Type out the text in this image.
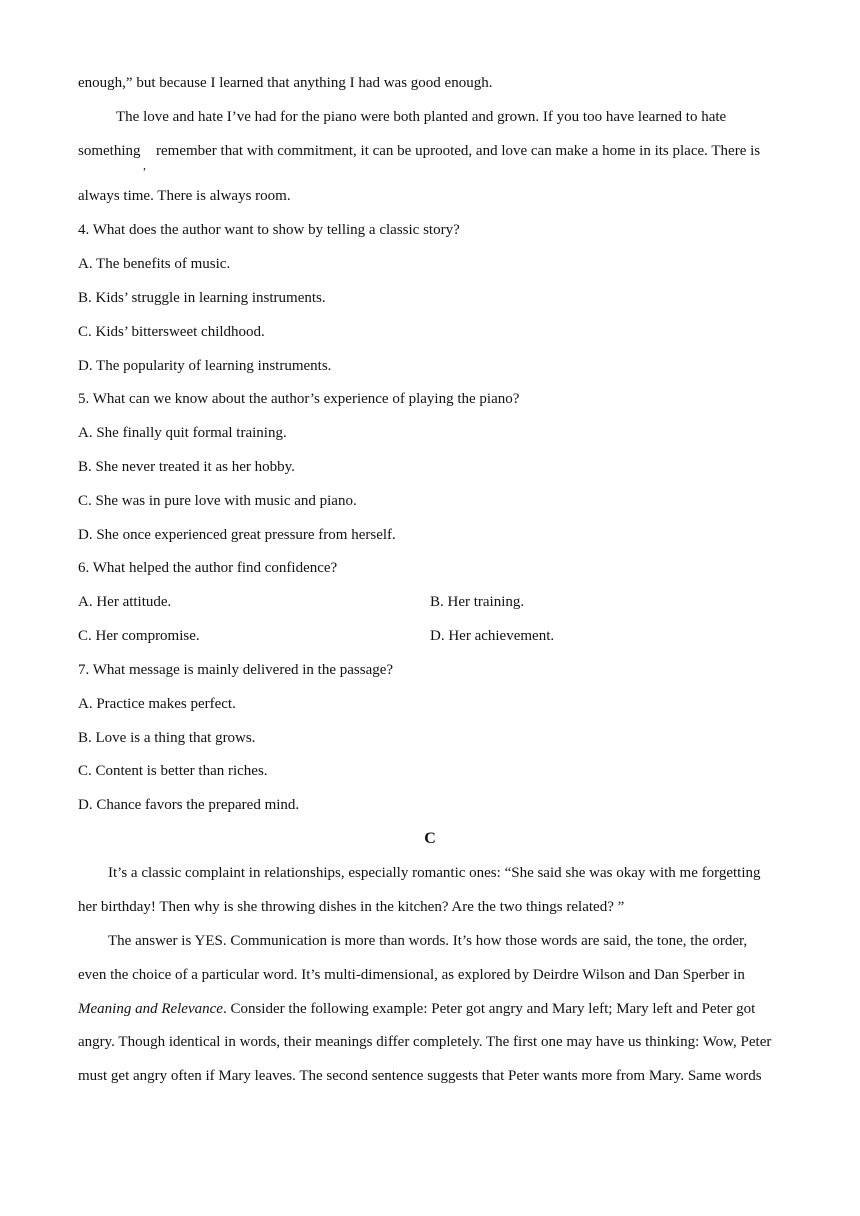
enough,” but because I learned that anything I had was good enough.
The love and hate I’ve had for the piano were both planted and grown. If you too have learned to hate
something
,
remember that with commitment, it can be uprooted, and love can make a home in its place. There is
always time. There is always room.
4. What does the author want to show by telling a classic story?
A. The benefits of music.
B. Kids’ struggle in learning instruments.
C. Kids’ bittersweet childhood.
D. The popularity of learning instruments.
5. What can we know about the author’s experience of playing the piano?
A. She finally quit formal training.
B. She never treated it as her hobby.
C. She was in pure love with music and piano.
D. She once experienced great pressure from herself.
6. What helped the author find confidence?
A. Her attitude.	B. Her training.
C. Her compromise.	D. Her achievement.
7. What message is mainly delivered in the passage?
A. Practice makes perfect.
B. Love is a thing that grows.
C. Content is better than riches.
D. Chance favors the prepared mind.
C
It’s a classic complaint in relationships, especially romantic ones: “She said she was okay with me forgetting
her birthday! Then why is she throwing dishes in the kitchen? Are the two things related? ”
The answer is YES. Communication is more than words. It’s how those words are said, the tone, the order,
even the choice of a particular word. It’s multi-dimensional, as explored by Deirdre Wilson and Dan Sperber in
Meaning and Relevance. Consider the following example: Peter got angry and Mary left; Mary left and Peter got
angry. Though identical in words, their meanings differ completely. The first one may have us thinking: Wow, Peter
must get angry often if Mary leaves. The second sentence suggests that Peter wants more from Mary. Same words
